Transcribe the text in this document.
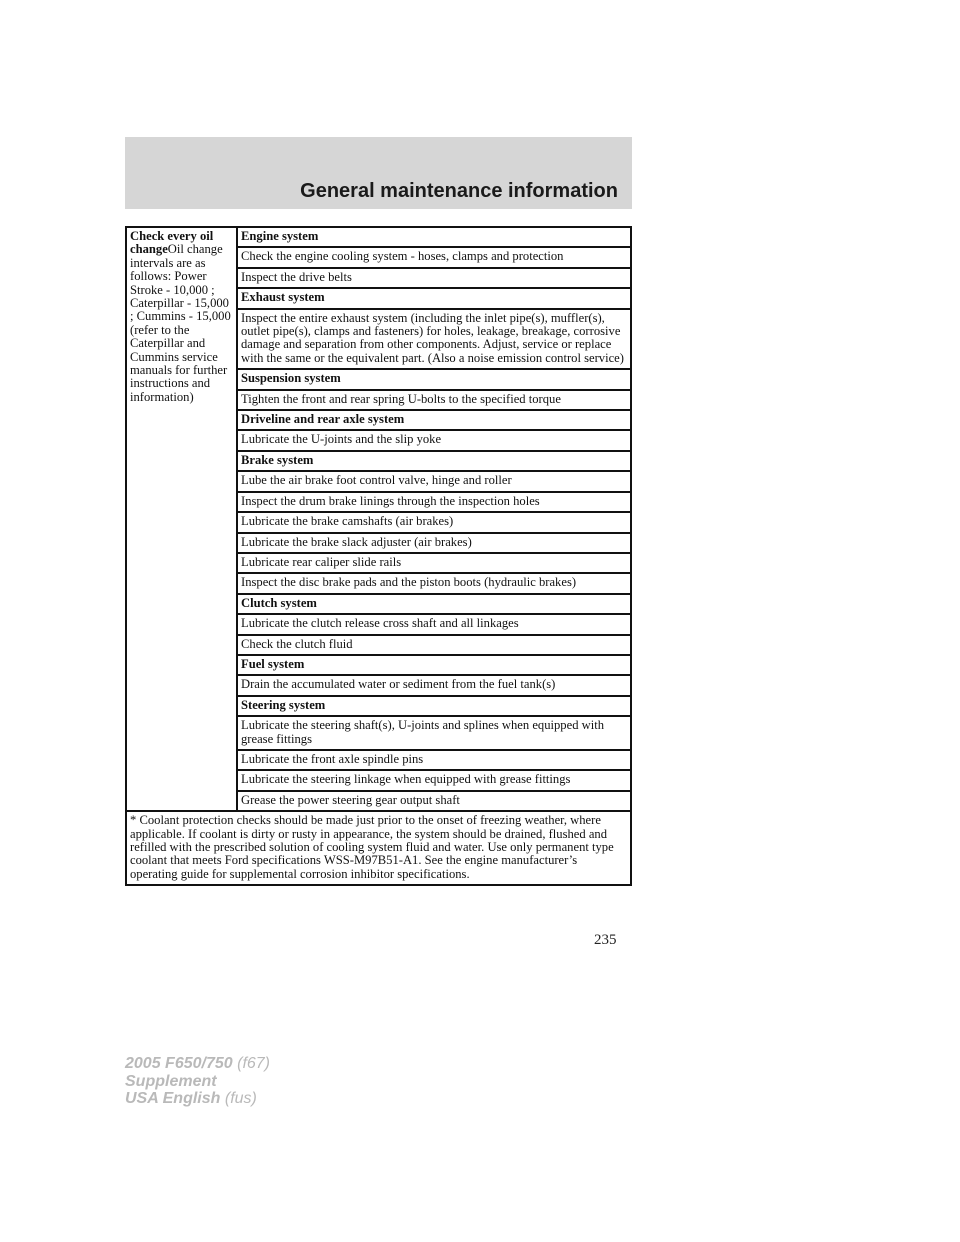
General maintenance information
Check every oil changeOil change intervals are as follows: Power Stroke - 10,000 ; Caterpillar - 15,000 ; Cummins - 15,000 (refer to the Caterpillar and Cummins service manuals for further instructions and information)	Engine system
Check the engine cooling system - hoses, clamps and protection
Inspect the drive belts
Exhaust system
Inspect the entire exhaust system (including the inlet pipe(s), muffler(s), outlet pipe(s), clamps and fasteners) for holes, leakage, breakage, corrosive damage and separation from other components. Adjust, service or replace with the same or the equivalent part. (Also a noise emission control service)
Suspension system
Tighten the front and rear spring U-bolts to the specified torque
Driveline and rear axle system
Lubricate the U-joints and the slip yoke
Brake system
Lube the air brake foot control valve, hinge and roller
Inspect the drum brake linings through the inspection holes
Lubricate the brake camshafts (air brakes)
Lubricate the brake slack adjuster (air brakes)
Lubricate rear caliper slide rails
Inspect the disc brake pads and the piston boots (hydraulic brakes)
Clutch system
Lubricate the clutch release cross shaft and all linkages
Check the clutch fluid
Fuel system
Drain the accumulated water or sediment from the fuel tank(s)
Steering system
Lubricate the steering shaft(s), U-joints and splines when equipped with grease fittings
Lubricate the front axle spindle pins
Lubricate the steering linkage when equipped with grease fittings
Grease the power steering gear output shaft
* Coolant protection checks should be made just prior to the onset of freezing weather, where applicable. If coolant is dirty or rusty in appearance, the system should be drained, flushed and refilled with the prescribed solution of cooling system fluid and water. Use only permanent type coolant that meets Ford specifications WSS-M97B51-A1. See the engine manufacturer’s operating guide for supplemental corrosion inhibitor specifications.
235
2005 F650/750 (f67)
Supplement
USA English (fus)
